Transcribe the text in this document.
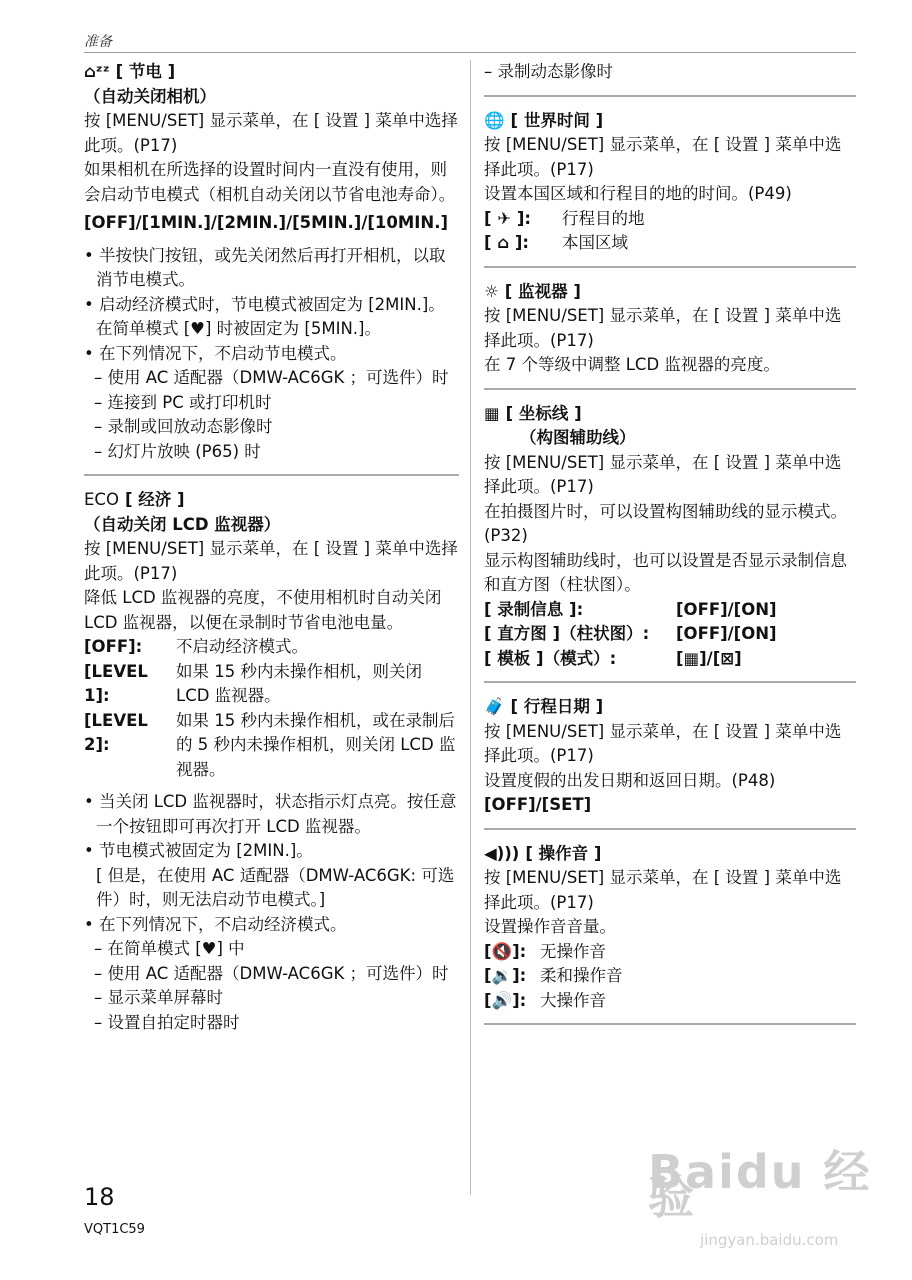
准备
⌂ᶻᶻ [ 节电 ]

（自动关闭相机）

按 [MENU/SET] 显示菜单，在 [ 设置 ] 菜单中选择此项。(P17)

如果相机在所选择的设置时间内一直没有使用，则会启动节电模式（相机自动关闭以节省电池寿命）。

[OFF]/[1MIN.]/[2MIN.]/[5MIN.]/[10MIN.]

• 半按快门按钮，或先关闭然后再打开相机，以取消节电模式。

• 启动经济模式时，节电模式被固定为 [2MIN.]。在简单模式 [♥] 时被固定为 [5MIN.]。

• 在下列情况下，不启动节电模式。

– 使用 AC 适配器（DMW-AC6GK ；可选件）时

– 连接到 PC 或打印机时

– 录制或回放动态影像时

– 幻灯片放映 (P65) 时

ECO [ 经济 ]

（自动关闭 LCD 监视器）

按 [MENU/SET] 显示菜单，在 [ 设置 ] 菜单中选择此项。(P17)

降低 LCD 监视器的亮度，不使用相机时自动关闭 LCD 监视器，以便在录制时节省电池电量。

[OFF]:	不启动经济模式。
[LEVEL 1]:
如果 15 秒内未操作相机，则关闭 LCD 监视器。
[LEVEL 2]:
如果 15 秒内未操作相机，或在录制后的 5 秒内未操作相机，则关闭 LCD 监视器。

• 当关闭 LCD 监视器时，状态指示灯点亮。按任意一个按钮即可再次打开 LCD 监视器。

• 节电模式被固定为 [2MIN.]。

[ 但是，在使用 AC 适配器（DMW-AC6GK: 可选件）时，则无法启动节电模式。]

• 在下列情况下，不启动经济模式。

– 在简单模式 [♥] 中

– 使用 AC 适配器（DMW-AC6GK ；可选件）时

– 显示菜单屏幕时

– 设置自拍定时器时

– 录制动态影像时

🌐 [ 世界时间 ]

按 [MENU/SET] 显示菜单，在 [ 设置 ] 菜单中选择此项。(P17)

设置本国区域和行程目的地的时间。(P49)

[ ✈ ]:	行程目的地
[ ⌂ ]:	本国区域
☼ [ 监视器 ]

按 [MENU/SET] 显示菜单，在 [ 设置 ] 菜单中选择此项。(P17)

在 7 个等级中调整 LCD 监视器的亮度。

▦ [ 坐标线 ]

（构图辅助线）

按 [MENU/SET] 显示菜单，在 [ 设置 ] 菜单中选择此项。(P17)

在拍摄图片时，可以设置构图辅助线的显示模式。(P32)

显示构图辅助线时，也可以设置是否显示录制信息和直方图（柱状图）。

[ 录制信息 ]:	[OFF]/[ON]
[ 直方图 ]（柱状图）:	[OFF]/[ON]
[ 模板 ]（模式）:	[▦]/[⊠]
🧳 [ 行程日期 ]

按 [MENU/SET] 显示菜单，在 [ 设置 ] 菜单中选择此项。(P17)

设置度假的出发日期和返回日期。(P48)

[OFF]/[SET]

◀))) [ 操作音 ]

按 [MENU/SET] 显示菜单，在 [ 设置 ] 菜单中选择此项。(P17)

设置操作音音量。

[🔇]: 无操作音
[🔉]: 柔和操作音
[🔊]: 大操作音
18
VQT1C59
Baidu 经验
jingyan.baidu.com
